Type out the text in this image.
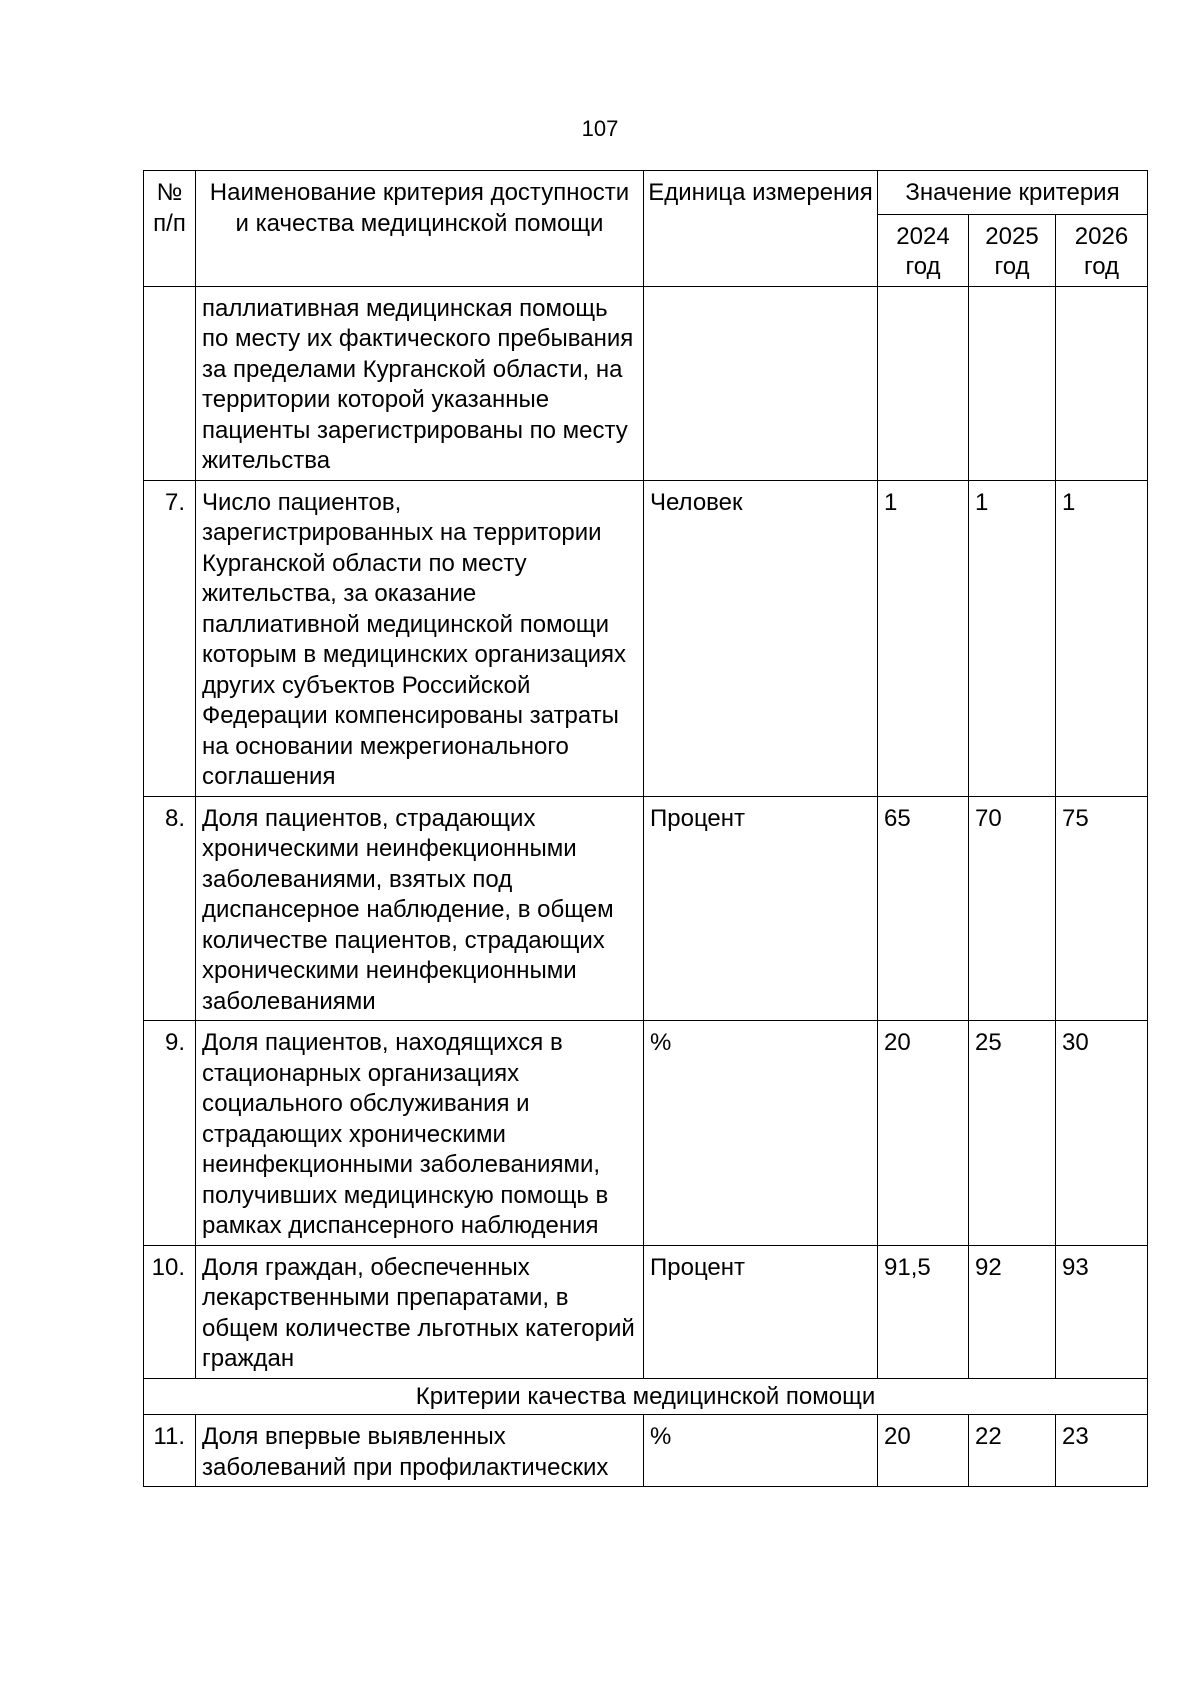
107
№ п/п	Наименование критерия доступности и качества медицинской помощи	Единица измерения	Значение критерия		
			2024 год	2025 год	2026 год
	паллиативная медицинская помощь по месту их фактического пребывания за пределами Курганской области, на территории которой указанные пациенты зарегистрированы по месту жительства				
7.	Число пациентов, зарегистрированных на территории Курганской области по месту жительства, за оказание паллиативной медицинской помощи которым в медицинских организациях других субъектов Российской Федерации компенсированы затраты на основании межрегионального соглашения	Человек	1	1	1
8.	Доля пациентов, страдающих хроническими неинфекционными заболеваниями, взятых под диспансерное наблюдение, в общем количестве пациентов, страдающих хроническими неинфекционными заболеваниями	Процент	65	70	75
9.	Доля пациентов, находящихся в стационарных организациях социального обслуживания и страдающих хроническими неинфекционными заболеваниями, получивших медицинскую помощь в рамках диспансерного наблюдения	%	20	25	30
10.	Доля граждан, обеспеченных лекарственными препаратами, в общем количестве льготных категорий граждан	Процент	91,5	92	93
Критерии качества медицинской помощи					
11.	Доля впервые выявленных заболеваний при профилактических	%	20	22	23
